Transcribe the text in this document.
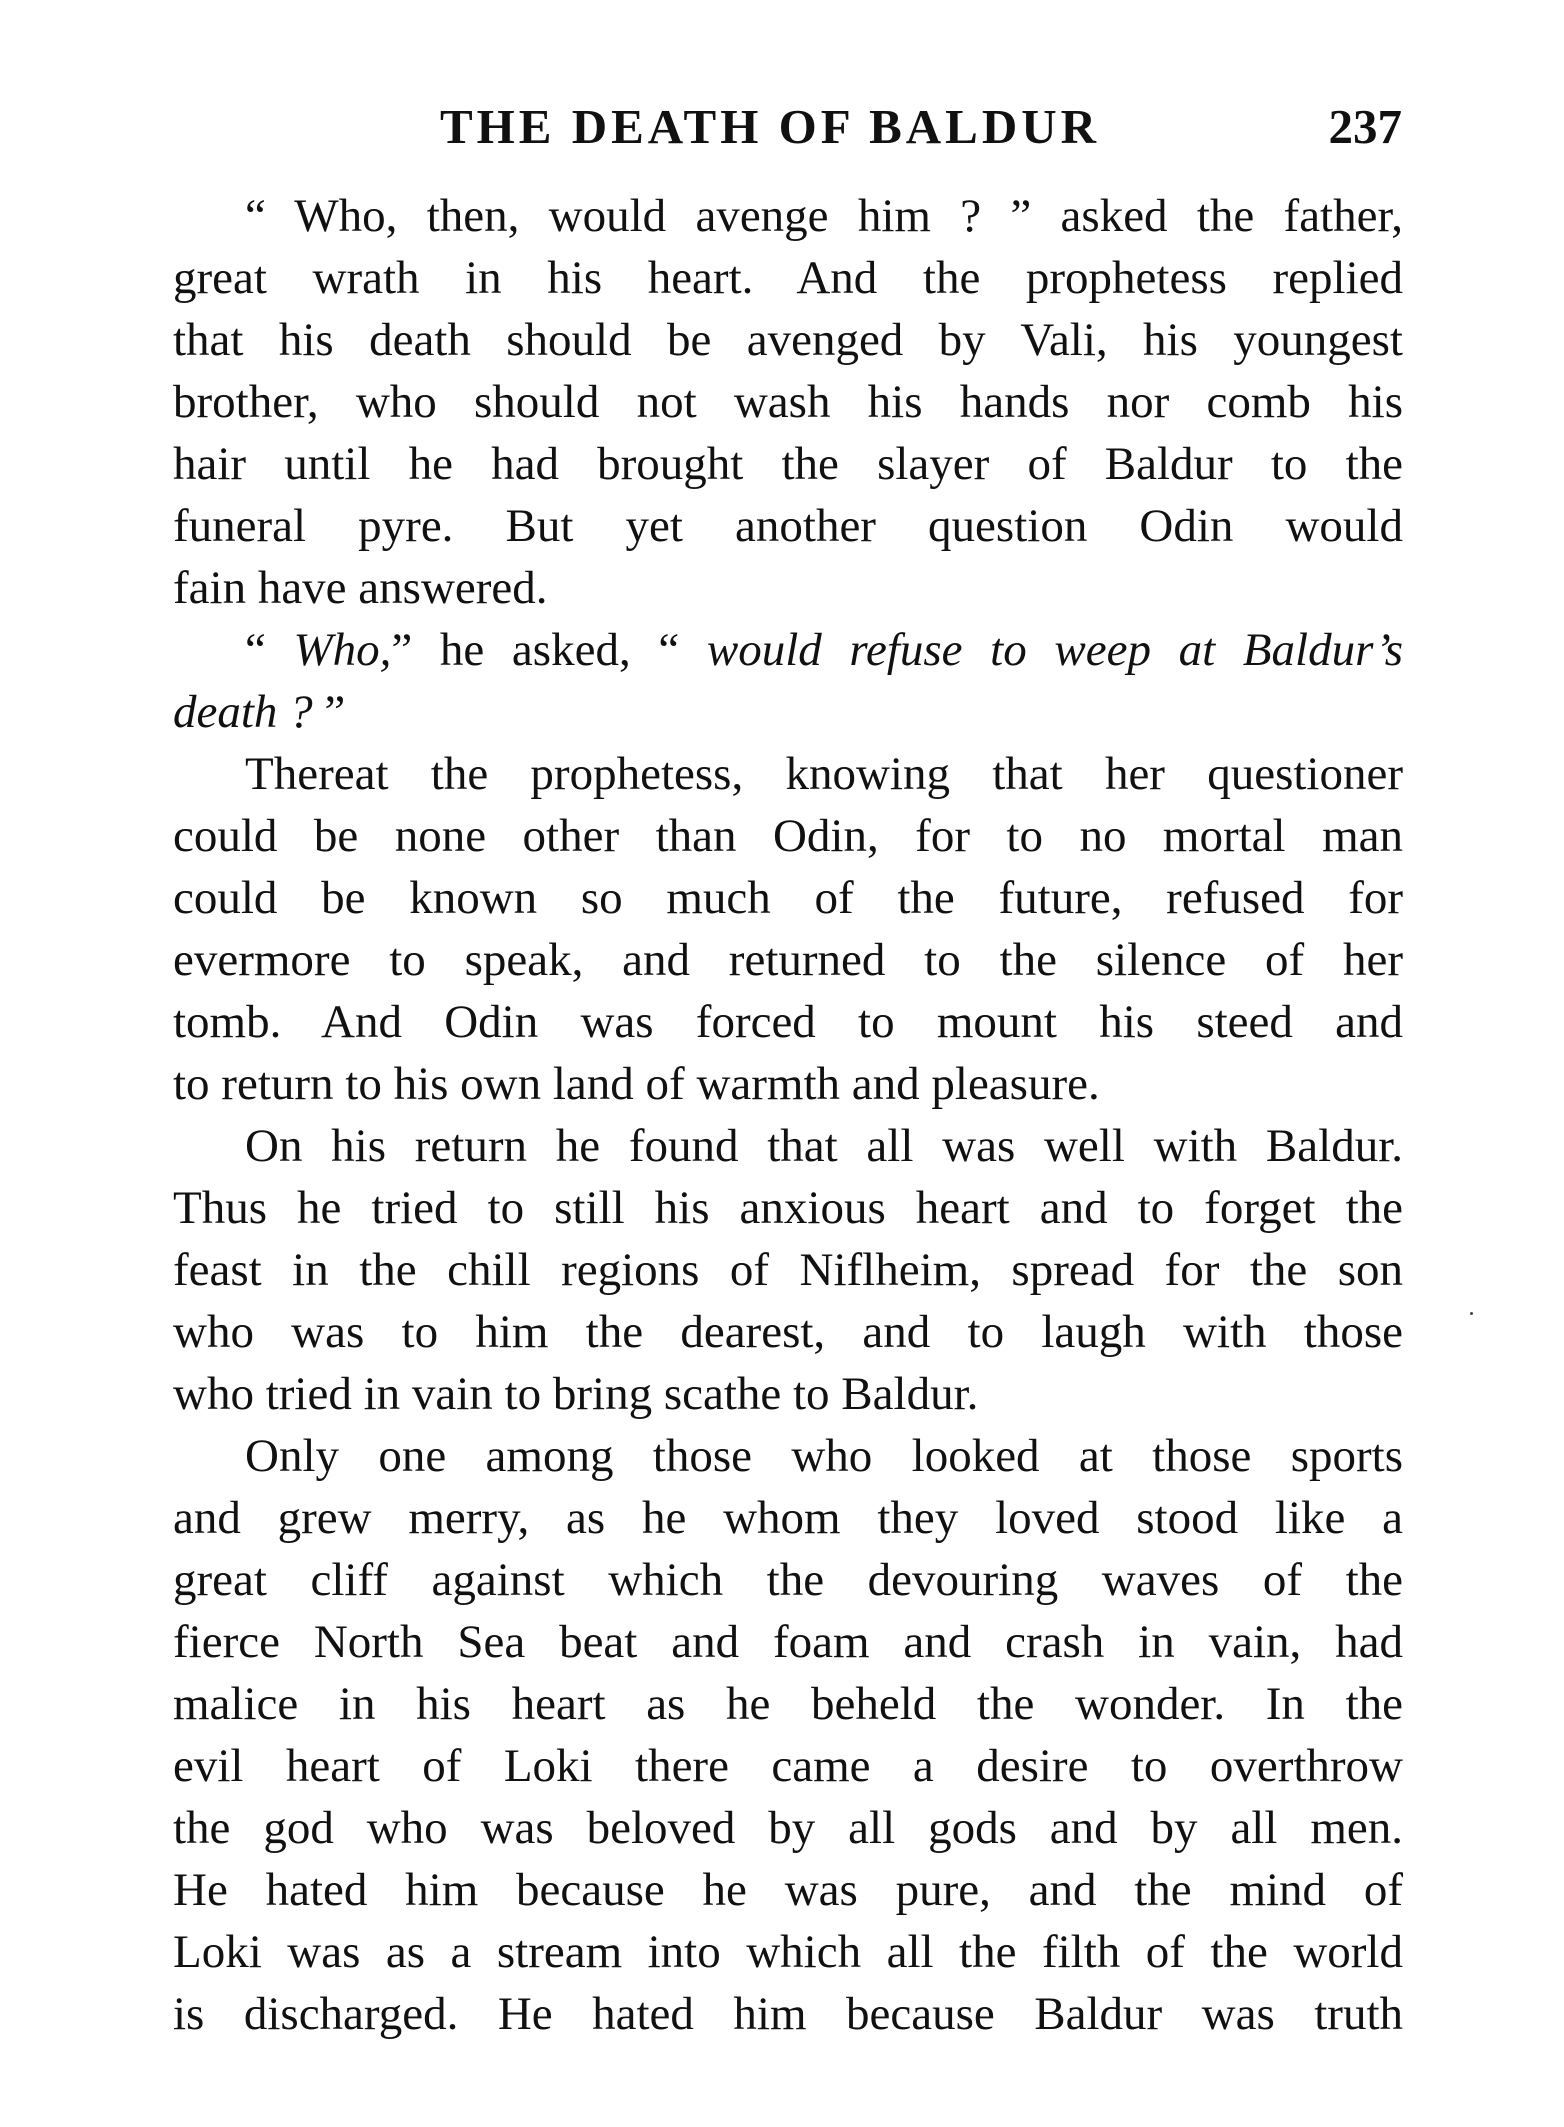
THE DEATH OF BALDUR	237
“ Who, then, would avenge him ? ” asked the father,
great wrath in his heart. And the prophetess replied
that his death should be avenged by Vali, his youngest
brother, who should not wash his hands nor comb his
hair until he had brought the slayer of Baldur to the
funeral pyre. But yet another question Odin would
fain have answered.
“ Who,” he asked, “ would refuse to weep at Baldur’s
death ? ”
Thereat the prophetess, knowing that her questioner
could be none other than Odin, for to no mortal man
could be known so much of the future, refused for
evermore to speak, and returned to the silence of her
tomb. And Odin was forced to mount his steed and
to return to his own land of warmth and pleasure.
On his return he found that all was well with Baldur.
Thus he tried to still his anxious heart and to forget the
feast in the chill regions of Niflheim, spread for the son
who was to him the dearest, and to laugh with those
who tried in vain to bring scathe to Baldur.
Only one among those who looked at those sports
and grew merry, as he whom they loved stood like a
great cliff against which the devouring waves of the
fierce North Sea beat and foam and crash in vain, had
malice in his heart as he beheld the wonder. In the
evil heart of Loki there came a desire to overthrow
the god who was beloved by all gods and by all men.
He hated him because he was pure, and the mind of
Loki was as a stream into which all the filth of the world
is discharged. He hated him because Baldur was truth
